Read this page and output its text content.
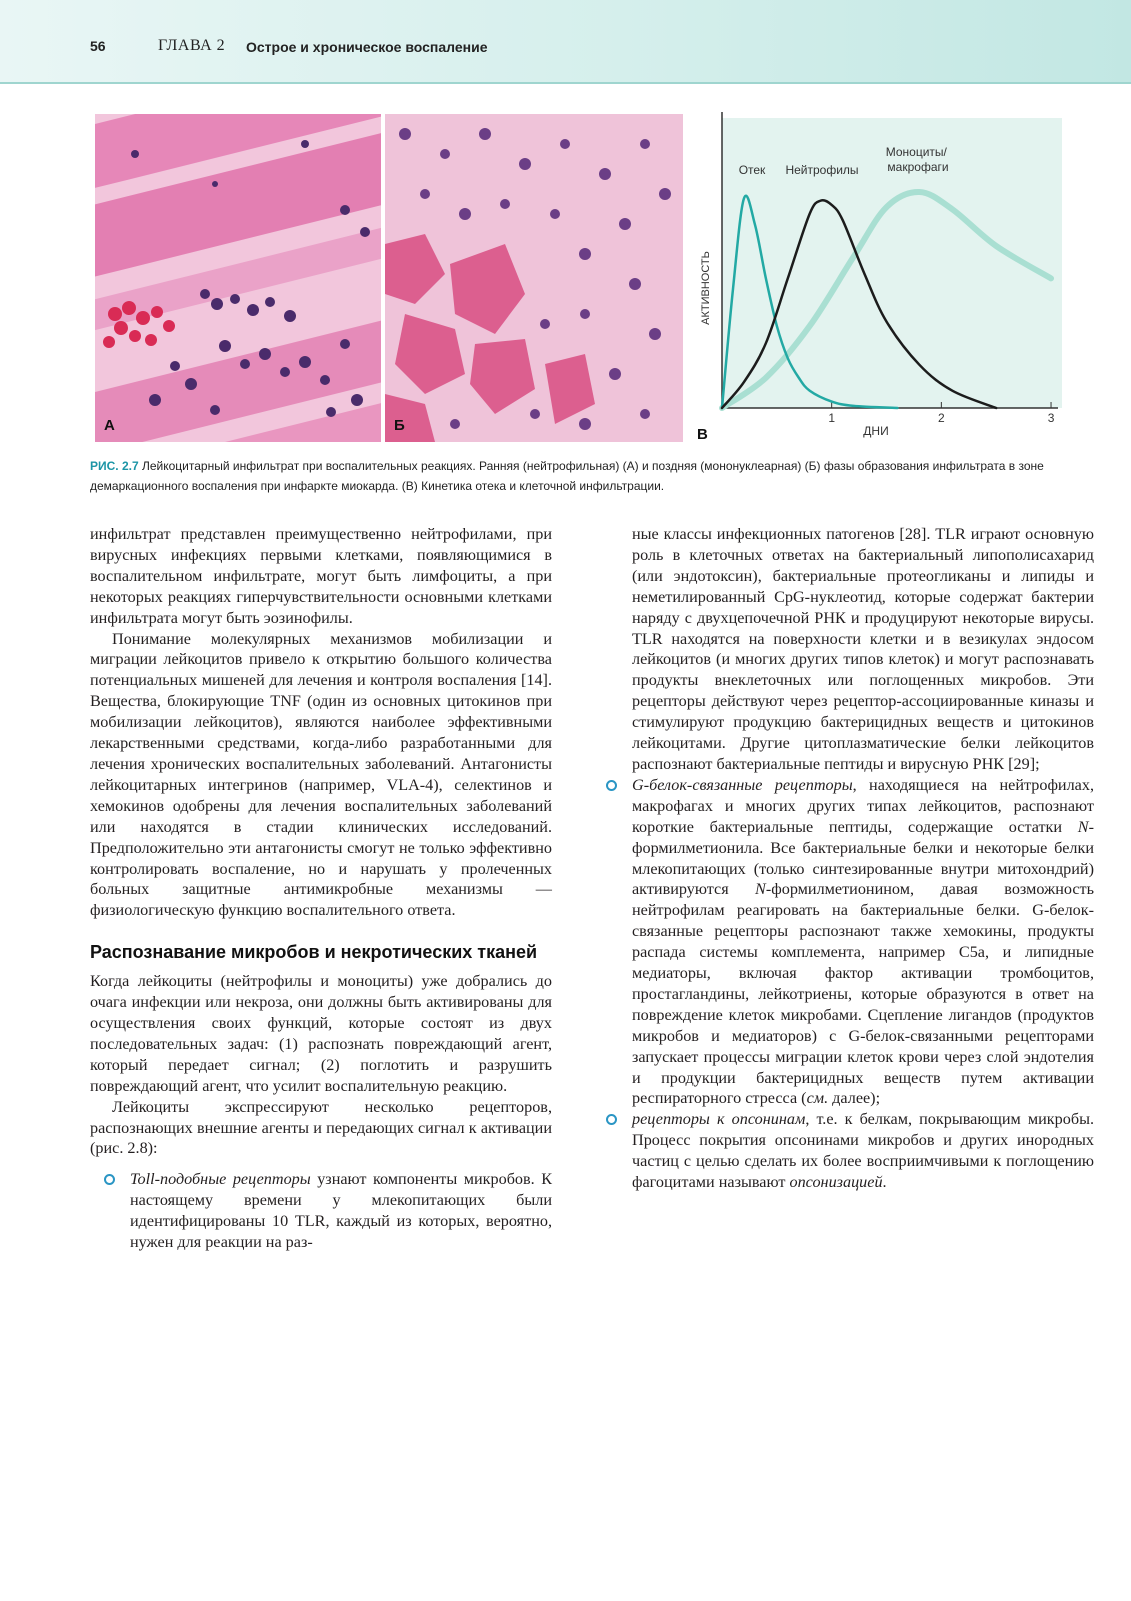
56	ГЛАВА 2 Острое и хроническое воспаление
А	Б
АКТИВНОСТЬ
ДНИ
1	2	3
Отек Нейтрофилы
Моноциты/ макрофаги
В
РИС. 2.7 Лейкоцитарный инфильтрат при воспалительных реакциях. Ранняя (нейтрофильная) (А) и поздняя (мононуклеарная) (Б) фазы образования инфильтрата в зоне демаркационного воспаления при инфаркте миокарда. (В) Кинетика отека и клеточной инфильтрации.

инфильтрат представлен преимущественно нейтрофилами, при вирусных инфекциях первыми клетками, появляющимися в воспалительном инфильтрате, могут быть лимфоциты, а при некоторых реакциях гиперчувствительности основными клетками инфильтрата могут быть эозинофилы.

Понимание молекулярных механизмов мобилизации и миграции лейкоцитов привело к открытию большого количества потенциальных мишеней для лечения и контроля воспаления [14]. Вещества, блокирующие TNF (один из основных цитокинов при мобилизации лейкоцитов), являются наиболее эффективными лекарственными средствами, когда-либо разработанными для лечения хронических воспалительных заболеваний. Антагонисты лейкоцитарных интегринов (например, VLA-4), селектинов и хемокинов одобрены для лечения воспалительных заболеваний или находятся в стадии клинических исследований. Предположительно эти антагонисты смогут не только эффективно контролировать воспаление, но и нарушать у пролеченных больных защитные антимикробные механизмы — физиологическую функцию воспалительного ответа.

Распознавание микробов и некротических тканей

Когда лейкоциты (нейтрофилы и моноциты) уже добрались до очага инфекции или некроза, они должны быть активированы для осуществления своих функций, которые состоят из двух последовательных задач: (1) распознать повреждающий агент, который передает сигнал; (2) поглотить и разрушить повреждающий агент, что усилит воспалительную реакцию.

Лейкоциты экспрессируют несколько рецепторов, распознающих внешние агенты и передающих сигнал к активации (рис. 2.8):

Toll-подобные рецепторы узнают компоненты микробов. К настоящему времени у млекопитающих были идентифицированы 10 TLR, каждый из которых, вероятно, нужен для реакции на раз-

ные классы инфекционных патогенов [28]. TLR играют основную роль в клеточных ответах на бактериальный липополисахарид (или эндотоксин), бактериальные протеогликаны и липиды и неметилированный CpG-нуклеотид, которые содержат бактерии наряду с двухцепочечной РНК и продуцируют некоторые вирусы. TLR находятся на поверхности клетки и в везикулах эндосом лейкоцитов (и многих других типов клеток) и могут распознавать продукты внеклеточных или поглощенных микробов. Эти рецепторы действуют через рецептор-ассоциированные киназы и стимулируют продукцию бактерицидных веществ и цитокинов лейкоцитами. Другие цитоплазматические белки лейкоцитов распознают бактериальные пептиды и вирусную РНК [29];

G-белок-связанные рецепторы, находящиеся на нейтрофилах, макрофагах и многих других типах лейкоцитов, распознают короткие бактериальные пептиды, содержащие остатки N-формилметионила. Все бактериальные белки и некоторые белки млекопитающих (только синтезированные внутри митохондрий) активируются N-формилметионином, давая возможность нейтрофилам реагировать на бактериальные белки. G-белок-связанные рецепторы распознают также хемокины, продукты распада системы комплемента, например C5a, и липидные медиаторы, включая фактор активации тромбоцитов, простагландины, лейкотриены, которые образуются в ответ на повреждение клеток микробами. Сцепление лигандов (продуктов микробов и медиаторов) с G-белок-связанными рецепторами запускает процессы миграции клеток крови через слой эндотелия и продукции бактерицидных веществ путем активации респираторного стресса (см. далее);

рецепторы к опсонинам, т.е. к белкам, покрывающим микробы. Процесс покрытия опсонинами микробов и других инородных частиц с целью сделать их более восприимчивыми к поглощению фагоцитами называют опсонизацией.
